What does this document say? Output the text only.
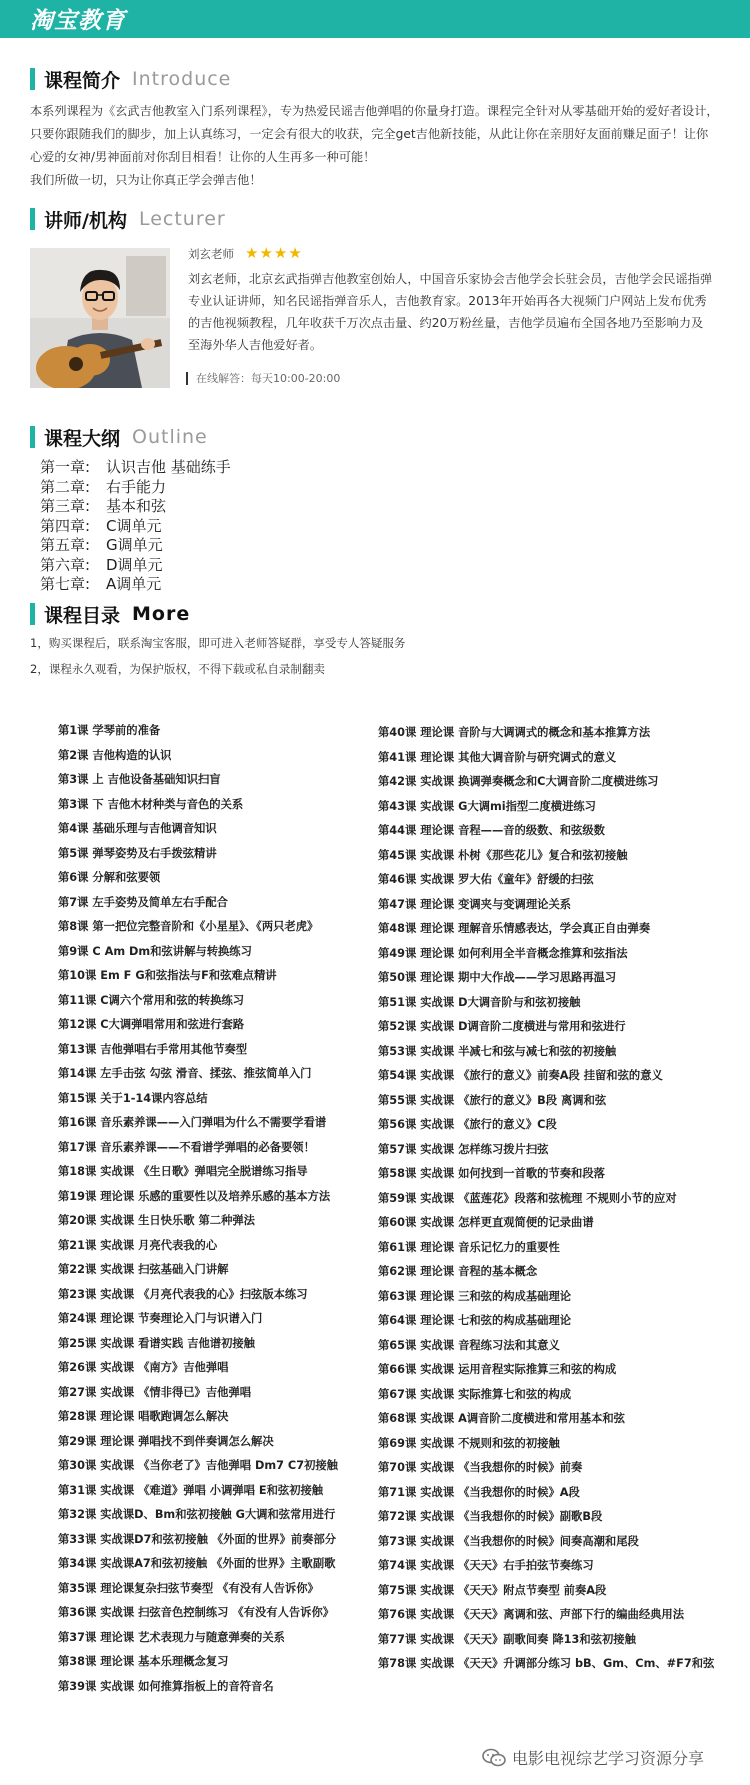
淘宝教育
课程简介 Introduce

本系列课程为《玄武吉他教室入门系列课程》，专为热爱民谣吉他弹唱的你量身打造。课程完全针对从零基础开始的爱好者设计，只要你跟随我们的脚步，加上认真练习，一定会有很大的收获，完全get吉他新技能，从此让你在亲朋好友面前赚足面子！让你心爱的女神/男神面前对你刮目相看！让你的人生再多一种可能！

我们所做一切，只为让你真正学会弹吉他！

讲师/机构 Lecturer
刘玄老师 ★★★★
刘玄老师，北京玄武指弹吉他教室创始人，中国音乐家协会吉他学会长驻会员，吉他学会民谣指弹专业认证讲师，知名民谣指弹音乐人，吉他教育家。2013年开始再各大视频门户网站上发布优秀的吉他视频教程，几年收获千万次点击量、约20万粉丝量，吉他学员遍布全国各地乃至影响力及至海外华人吉他爱好者。
在线解答：每天10:00-20:00
课程大纲 Outline
第一章:	认识吉他 基础练手
第二章:	右手能力
第三章:	基本和弦
第四章:	C调单元
第五章:	G调单元
第六章:	D调单元
第七章:	A调单元
课程目录 More
1，购买课程后，联系淘宝客服，即可进入老师答疑群，享受专人答疑服务
2，课程永久观看，为保护版权，不得下载或私自录制翻卖
第1课 学琴前的准备
第2课 吉他构造的认识
第3课 上 吉他设备基础知识扫盲
第3课 下 吉他木材种类与音色的关系
第4课 基础乐理与吉他调音知识
第5课 弹琴姿势及右手拨弦精讲
第6课 分解和弦要领
第7课 左手姿势及简单左右手配合
第8课 第一把位完整音阶和《小星星》、《两只老虎》
第9课 C Am Dm和弦讲解与转换练习
第10课 Em F G和弦指法与F和弦难点精讲
第11课 C调六个常用和弦的转换练习
第12课 C大调弹唱常用和弦进行套路
第13课 吉他弹唱右手常用其他节奏型
第14课 左手击弦 勾弦 滑音、揉弦、推弦简单入门
第15课 关于1-14课内容总结
第16课 音乐素养课——入门弹唱为什么不需要学看谱
第17课 音乐素养课——不看谱学弹唱的必备要领！
第18课 实战课 《生日歌》弹唱完全脱谱练习指导
第19课 理论课 乐感的重要性以及培养乐感的基本方法
第20课 实战课 生日快乐歌 第二种弹法
第21课 实战课 月亮代表我的心
第22课 实战课 扫弦基础入门讲解
第23课 实战课 《月亮代表我的心》扫弦版本练习
第24课 理论课 节奏理论入门与识谱入门
第25课 实战课 看谱实践 吉他谱初接触
第26课 实战课 《南方》吉他弹唱
第27课 实战课 《情非得已》吉他弹唱
第28课 理论课 唱歌跑调怎么解决
第29课 理论课 弹唱找不到伴奏调怎么解决
第30课 实战课 《当你老了》吉他弹唱 Dm7 C7初接触
第31课 实战课 《难道》弹唱 小调弹唱 E和弦初接触
第32课 实战课D、Bm和弦初接触 G大调和弦常用进行
第33课 实战课D7和弦初接触 《外面的世界》前奏部分
第34课 实战课A7和弦初接触 《外面的世界》主歌副歌
第35课 理论课复杂扫弦节奏型 《有没有人告诉你》
第36课 实战课 扫弦音色控制练习 《有没有人告诉你》
第37课 理论课 艺术表现力与随意弹奏的关系
第38课 理论课 基本乐理概念复习
第39课 实战课 如何推算指板上的音符音名
第40课 理论课 音阶与大调调式的概念和基本推算方法
第41课 理论课 其他大调音阶与研究调式的意义
第42课 实战课 换调弹奏概念和C大调音阶二度横进练习
第43课 实战课 G大调mi指型二度横进练习
第44课 理论课 音程——音的级数、和弦级数
第45课 实战课 朴树《那些花儿》复合和弦初接触
第46课 实战课 罗大佑《童年》舒缓的扫弦
第47课 理论课 变调夹与变调理论关系
第48课 理论课 理解音乐情感表达，学会真正自由弹奏
第49课 理论课 如何利用全半音概念推算和弦指法
第50课 理论课 期中大作战——学习思路再温习
第51课 实战课 D大调音阶与和弦初接触
第52课 实战课 D调音阶二度横进与常用和弦进行
第53课 实战课 半减七和弦与减七和弦的初接触
第54课 实战课 《旅行的意义》前奏A段 挂留和弦的意义
第55课 实战课 《旅行的意义》B段 离调和弦
第56课 实战课 《旅行的意义》C段
第57课 实战课 怎样练习拨片扫弦
第58课 实战课 如何找到一首歌的节奏和段落
第59课 实战课 《蓝莲花》段落和弦梳理 不规则小节的应对
第60课 实战课 怎样更直观简便的记录曲谱
第61课 理论课 音乐记忆力的重要性
第62课 理论课 音程的基本概念
第63课 理论课 三和弦的构成基础理论
第64课 理论课 七和弦的构成基础理论
第65课 实战课 音程练习法和其意义
第66课 实战课 运用音程实际推算三和弦的构成
第67课 实战课 实际推算七和弦的构成
第68课 实战课 A调音阶二度横进和常用基本和弦
第69课 实战课 不规则和弦的初接触
第70课 实战课 《当我想你的时候》前奏
第71课 实战课 《当我想你的时候》A段
第72课 实战课 《当我想你的时候》副歌B段
第73课 实战课 《当我想你的时候》间奏高潮和尾段
第74课 实战课 《天天》右手拍弦节奏练习
第75课 实战课 《天天》附点节奏型 前奏A段
第76课 实战课 《天天》离调和弦、声部下行的编曲经典用法
第77课 实战课 《天天》副歌间奏 降13和弦初接触
第78课 实战课 《天天》升调部分练习 bB、Gm、Cm、#F7和弦
电影电视综艺学习资源分享
